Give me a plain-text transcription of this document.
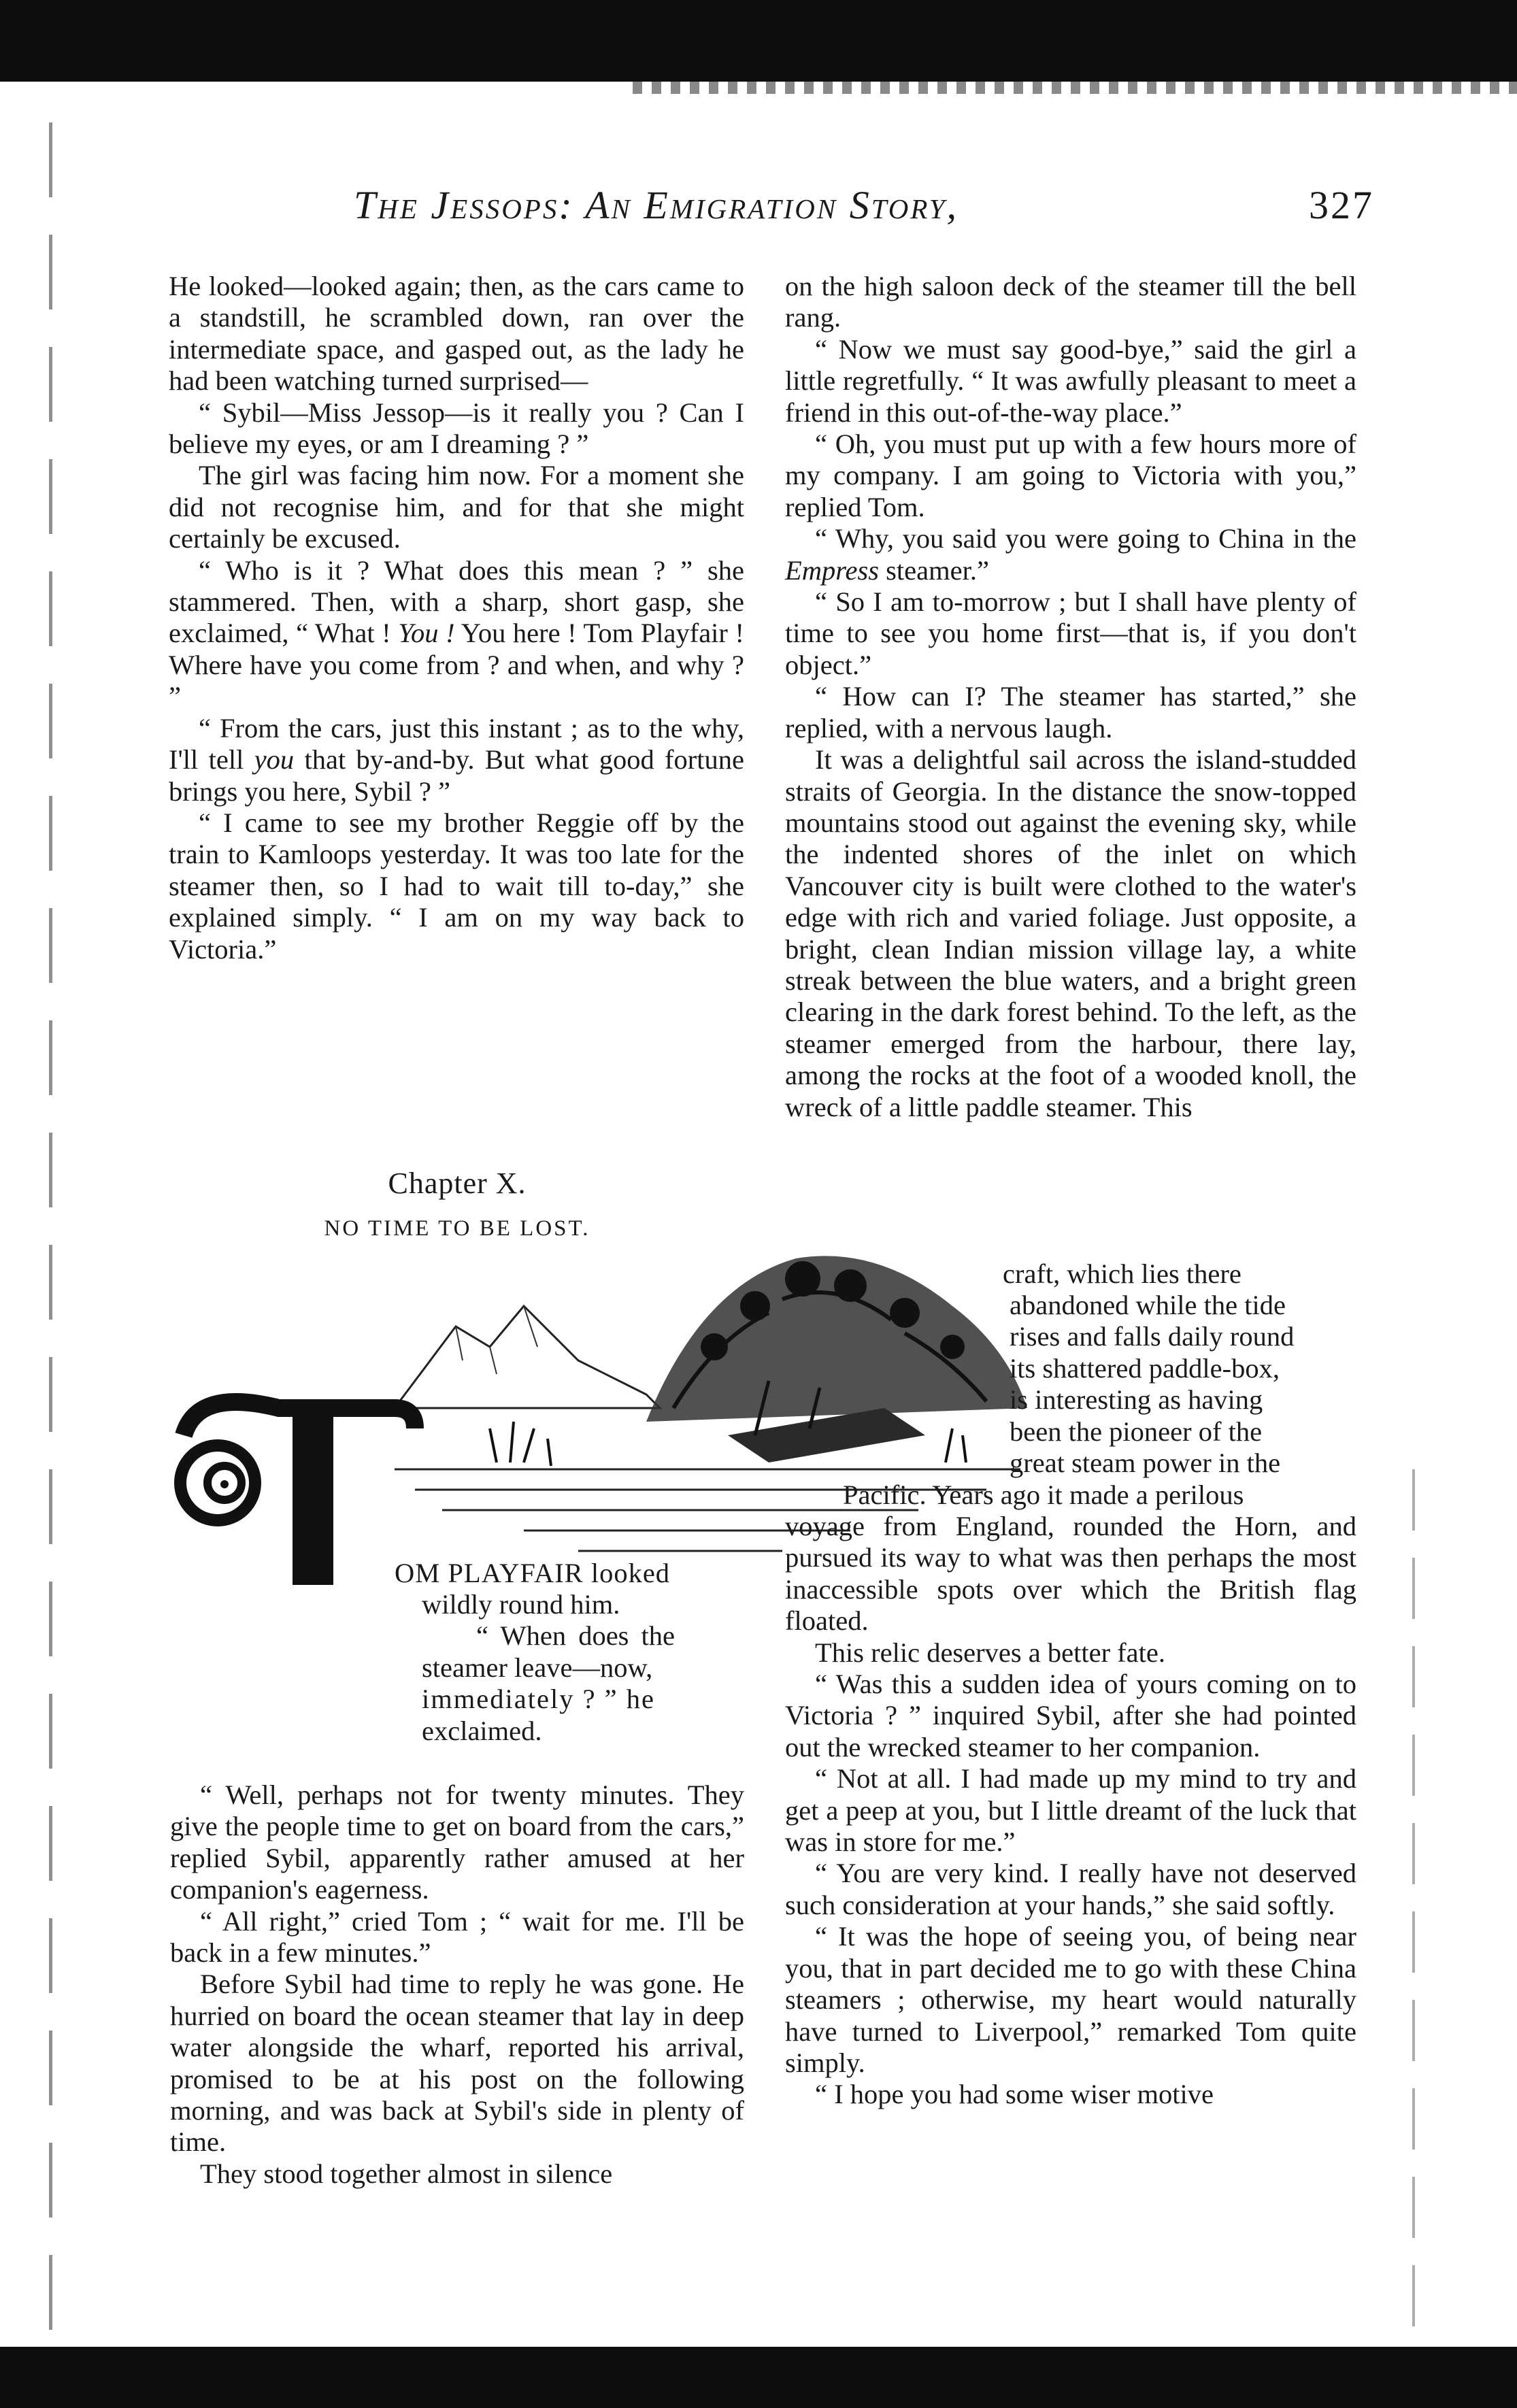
The Jessops: An Emigration Story,	327

He looked—looked again; then, as the cars came to a standstill, he scrambled down, ran over the intermediate space, and gasped out, as the lady he had been watching turned surprised—

“ Sybil—Miss Jessop—is it really you ? Can I believe my eyes, or am I dreaming ? ”

The girl was facing him now. For a moment she did not recognise him, and for that she might certainly be excused.

“ Who is it ? What does this mean ? ” she stammered. Then, with a sharp, short gasp, she exclaimed, “ What ! You ! You here ! Tom Playfair ! Where have you come from ? and when, and why ? ”

“ From the cars, just this instant ; as to the why, I'll tell you that by-and-by. But what good fortune brings you here, Sybil ? ”

“ I came to see my brother Reggie off by the train to Kamloops yesterday. It was too late for the steamer then, so I had to wait till to-day,” she explained simply. “ I am on my way back to Victoria.”

Chapter X.
NO TIME TO BE LOST.
OM PLAYFAIR looked
wildly round him.
“ When does the
steamer leave—now,
immediately ? ” he
exclaimed.

“ Well, perhaps not for twenty minutes. They give the people time to get on board from the cars,” replied Sybil, apparently rather amused at her companion's eagerness.

“ All right,” cried Tom ; “ wait for me. I'll be back in a few minutes.”

Before Sybil had time to reply he was gone. He hurried on board the ocean steamer that lay in deep water alongside the wharf, reported his arrival, promised to be at his post on the following morning, and was back at Sybil's side in plenty of time.

They stood together almost in silence

on the high saloon deck of the steamer till the bell rang.

“ Now we must say good-bye,” said the girl a little regretfully. “ It was awfully pleasant to meet a friend in this out-of-the-way place.”

“ Oh, you must put up with a few hours more of my company. I am going to Victoria with you,” replied Tom.

“ Why, you said you were going to China in the Empress steamer.”

“ So I am to-morrow ; but I shall have plenty of time to see you home first—that is, if you don't object.”

“ How can I? The steamer has started,” she replied, with a nervous laugh.

It was a delightful sail across the island-studded straits of Georgia. In the distance the snow-topped mountains stood out against the evening sky, while the indented shores of the inlet on which Vancouver city is built were clothed to the water's edge with rich and varied foliage. Just opposite, a bright, clean Indian mission village lay, a white streak between the blue waters, and a bright green clearing in the dark forest behind. To the left, as the steamer emerged from the harbour, there lay, among the rocks at the foot of a wooded knoll, the wreck of a little paddle steamer. This

craft, which lies there
abandoned while the tide
rises and falls daily round
its shattered paddle-box,
is interesting as having
been the pioneer of the
great steam power in the
Pacific. Years ago it made a perilous

voyage from England, rounded the Horn, and pursued its way to what was then perhaps the most inaccessible spots over which the British flag floated.

This relic deserves a better fate.

“ Was this a sudden idea of yours coming on to Victoria ? ” inquired Sybil, after she had pointed out the wrecked steamer to her companion.

“ Not at all. I had made up my mind to try and get a peep at you, but I little dreamt of the luck that was in store for me.”

“ You are very kind. I really have not deserved such consideration at your hands,” she said softly.

“ It was the hope of seeing you, of being near you, that in part decided me to go with these China steamers ; otherwise, my heart would naturally have turned to Liverpool,” remarked Tom quite simply.

“ I hope you had some wiser motive
